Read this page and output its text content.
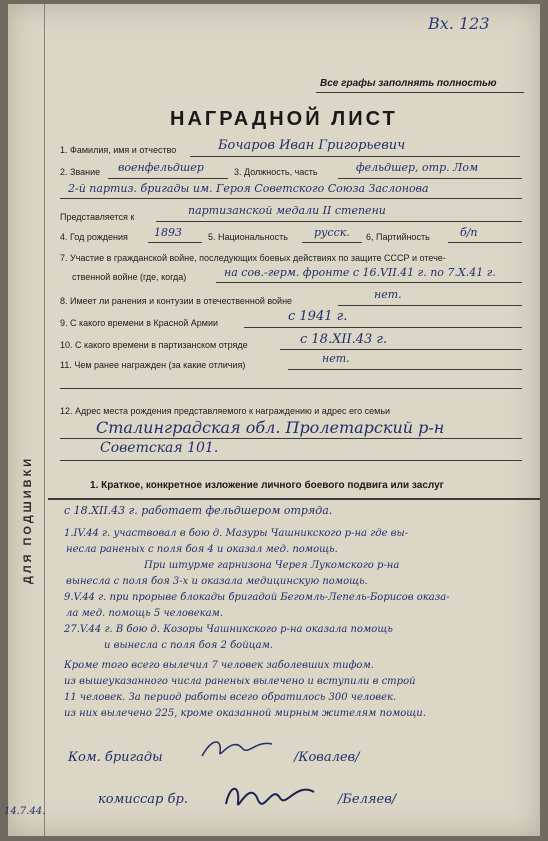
ДЛЯ ПОДШИВКИ
Вх. 123
Все графы заполнять полностью
НАГРАДНОЙ ЛИСТ
1. Фамилия, имя и отчество	Бочаров Иван Григорьевич
2. Звание военфельдшер	3. Должность, часть	фельдшер, отр. Лом
2-й партиз. бригады им. Героя Советского Союза Заслонова
Представляется к	партизанской медали II степени
4. Год рождения 1893	5. Национальность русск. 6, Партийность	б/п
7. Участие в гражданской войне, последующих боевых действиях по защите СССР и отече-
ственной войне (где, когда)	на сов.-герм. фронте с 16.VII.41 г. по 7.X.41 г.
8. Имеет ли ранения и контузии в отечественной войне	нет.
9. С какого времени в Красной Армии	с 1941 г.
10. С какого времени в партизанском отряде	с 18.XII.43 г.
11. Чем ранее награжден (за какие отличия)	нет.
12. Адрес места рождения представляемого к награждению и адрес его семьи
Сталинградская обл. Пролетарский р-н
Советская 101.
1. Краткое, конкретное изложение личного боевого подвига или заслуг
с 18.XII.43 г. работает фельдшером отряда.
1.IV.44 г. участвовал в бою д. Мазуры Чашникского р-на где вы-
несла раненых с поля боя 4 и оказал мед. помощь.
При штурме гарнизона Черея Лукомского р-на
вынесла с поля боя 3-х и оказала медицинскую помощь.
9.V.44 г. при прорыве блокады бригадой Бегомль-Лепель-Борисов оказа-
ла мед. помощь 5 человекам.
27.V.44 г. В бою д. Козоры Чашникского р-на оказала помощь
и вынесла с поля боя 2 бойцам.
Кроме того всего вылечил 7 человек заболевших тифом.
из вышеуказанного числа раненых вылечено и вступили в строй
11 человек. За период работы всего обратилось 300 человек.
из них вылечено 225, кроме оказанной мирным жителям помощи.
Ком. бригады	/Ковалев/
комиссар бр.	/Беляев/
14.7.44.
